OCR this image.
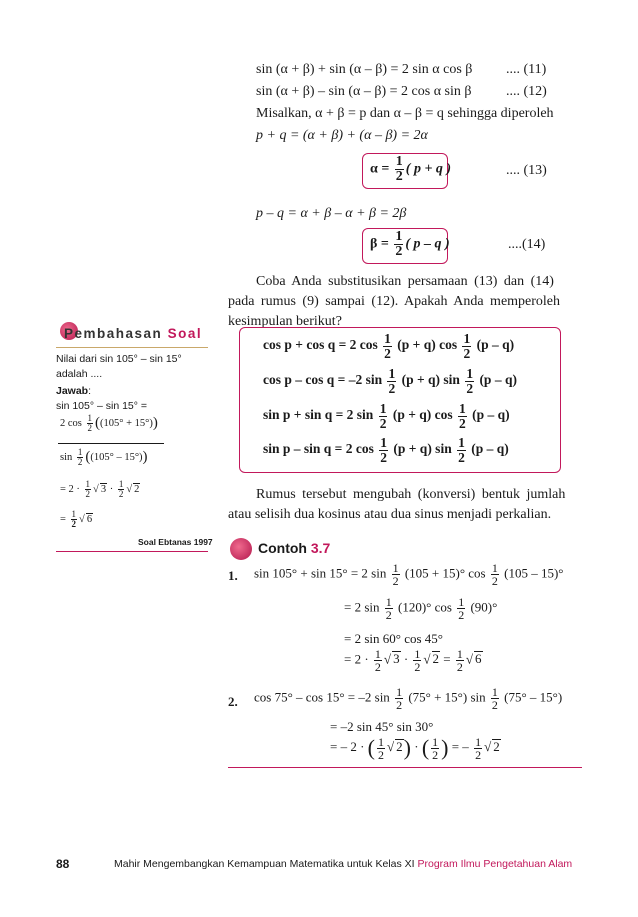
sin (α + β) + sin (α – β) = 2 sin α cos β .... (11)
sin (α + β) – sin (α – β) = 2 cos α sin β .... (12)
Misalkan, α + β = p dan α – β = q sehingga diperoleh
p + q = (α + β) + (α – β) = 2α
$\alpha = \frac{1}{2}$ ( p + q )	.... (13)
p – q = α + β – α + β = 2β
$\beta = \frac{1}{2}$ ( p – q )	....(14)
Coba Anda substitusikan persamaan (13) dan (14)
pada rumus (9) sampai (12). Apakah Anda memperoleh
kesimpulan berikut?
cos p + cos q = 2 $\cos \frac{1}{2} (p + q)$ $\cos \frac{1}{2} (p - q)$
cos p – cos q = –2 $\sin \frac{1}{2} (p + q)$ $\sin \frac{1}{2} (p - q)$
sin p + sin q = 2 $\sin \frac{1}{2} (p + q)$ $\cos \frac{1}{2} (p - q)$
sin p – sin q = 2 $\cos \frac{1}{2} (p + q)$ $\sin \frac{1}{2} (p - q)$
Rumus tersebut mengubah (konversi) bentuk jumlah
atau selisih dua kosinus atau dua sinus menjadi perkalian.
Contoh 3.7
1. sin 105° + sin 15° = 2 $\sin \frac{1}{2} (105 + 15)^\circ$ $\cos \frac{1}{2} (105 - 15)^\circ$
= 2 $\sin \frac{1}{2} (120)^\circ$ $\cos \frac{1}{2} (90)^\circ$
= 2 sin 60° cos 45°
= $2 \cdot \frac{1}{2}$ √ $3 \cdot \frac{1}{2}$ √ $2 = \frac{1}{2}$ √ 6
2. cos 75° – cos 15° = –2 $\sin \frac{1}{2} (75^\circ + 15^\circ)$ $\sin \frac{1}{2} (75^\circ - 15^\circ)$
= –2 sin 45° sin 30°
= – 2 · ( $\frac{1}{2}$ √ 2) · ( $\frac{1}{2}$ ) = – $\frac{1}{2}$ √ 2
Pembahasan Soal
Nilai dari sin 105° – sin 15°
adalah ....
Jawab:
sin 105° – sin 15° =
2 $\cos \frac{1}{2} ((105^\circ + 15^\circ))$
$\sin \frac{1}{2} ((105^\circ - 15^\circ))$
= $2 \cdot \frac{1}{2}$ √ $3 \cdot \frac{1}{2}$ √ 2
= $\frac{1}{2}$ √ 6
Soal Ebtanas 1997
88	Mahir Mengembangkan Kemampuan Matematika untuk Kelas XI Program Ilmu Pengetahuan Alam
